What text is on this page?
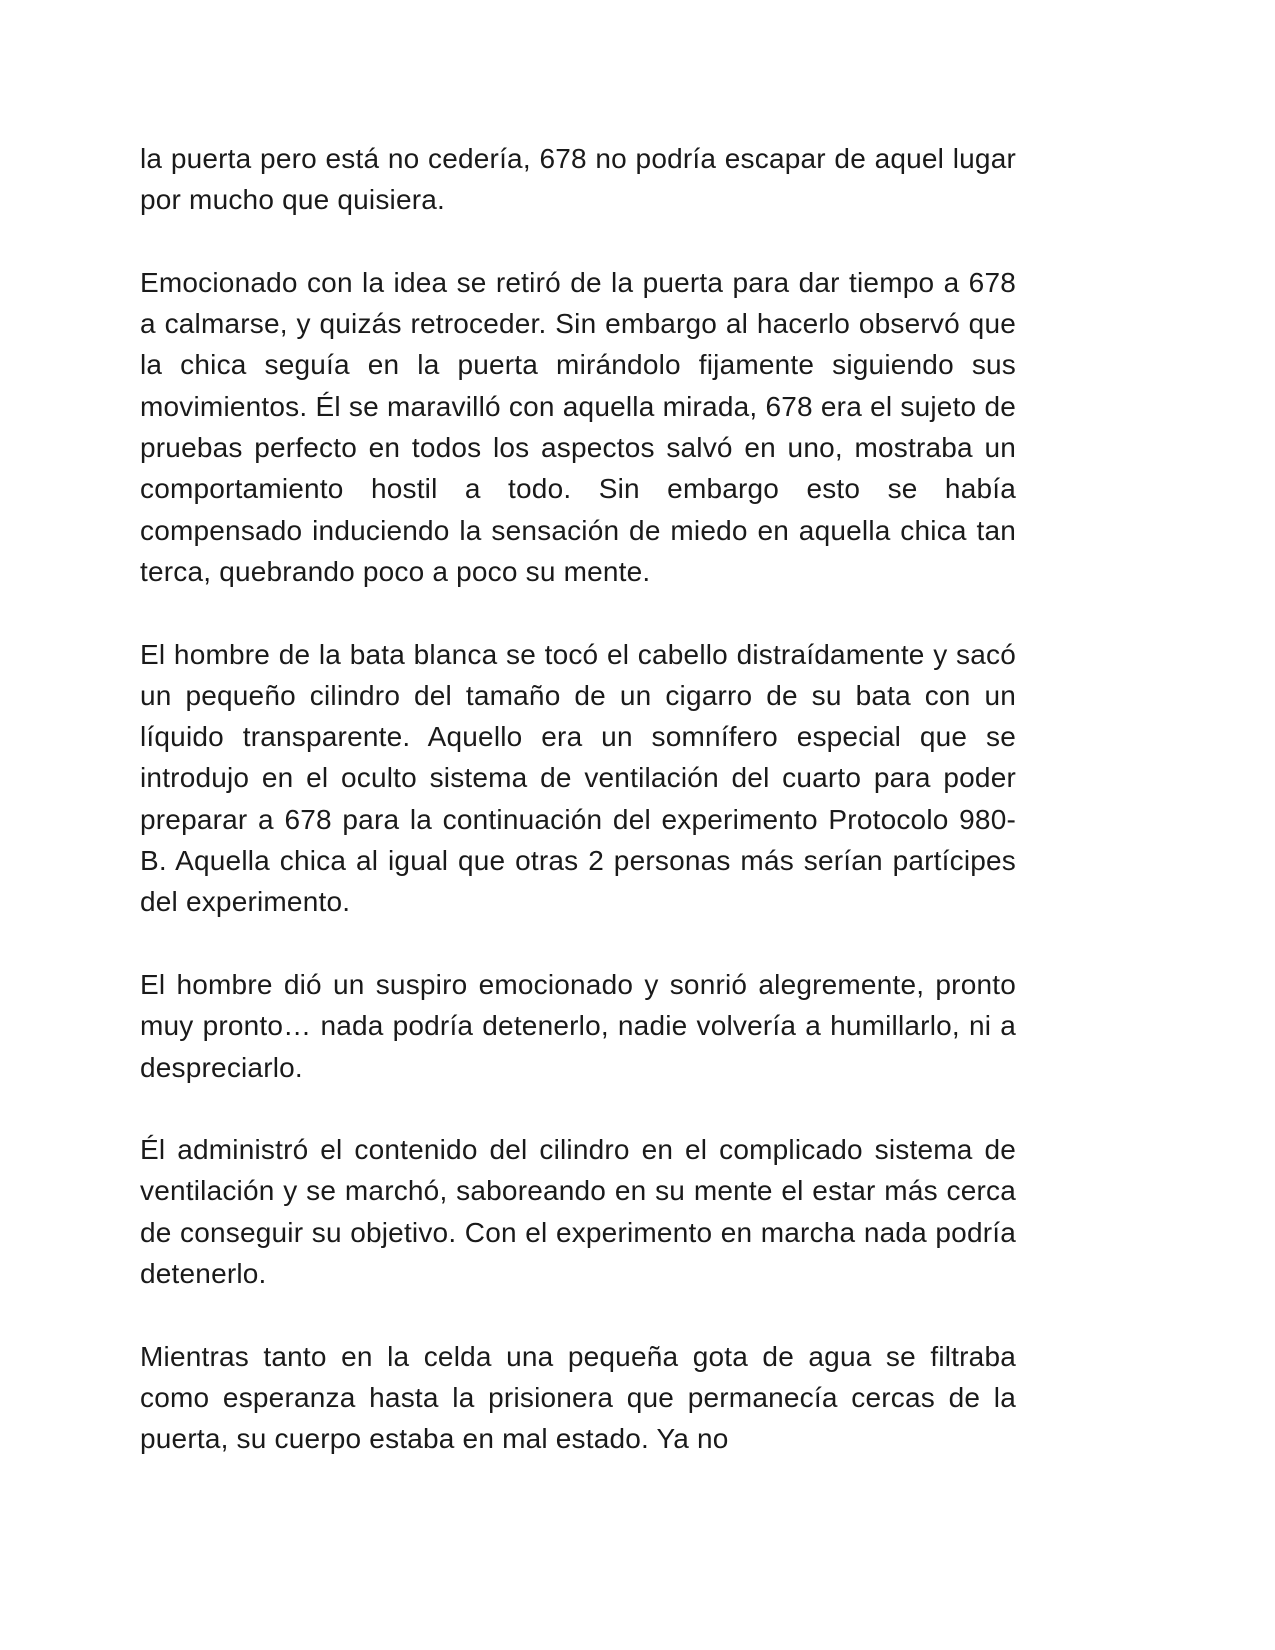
la puerta pero está no cedería, 678 no podría escapar de aquel lugar por mucho que quisiera.

Emocionado con la idea se retiró de la puerta para dar tiempo a 678 a calmarse, y quizás retroceder. Sin embargo al hacerlo observó que la chica seguía en la puerta mirándolo fijamente siguiendo sus movimientos. Él se maravilló con aquella mirada, 678 era el sujeto de pruebas perfecto en todos los aspectos salvó en uno, mostraba un comportamiento hostil a todo. Sin embargo esto se había compensado induciendo la sensación de miedo en aquella chica tan terca, quebrando poco a poco su mente.

El hombre de la bata blanca se tocó el cabello distraídamente y sacó un pequeño cilindro del tamaño de un cigarro de su bata con un líquido transparente. Aquello era un somnífero especial que se introdujo en el oculto sistema de ventilación del cuarto para poder preparar a 678 para la continuación del experimento Protocolo 980- B. Aquella chica al igual que otras 2 personas más serían partícipes del experimento.

El hombre dió un suspiro emocionado y sonrió alegremente, pronto muy pronto… nada podría detenerlo, nadie volvería a humillarlo, ni a despreciarlo.

Él administró el contenido del cilindro en el complicado sistema de ventilación y se marchó, saboreando en su mente el estar más cerca de conseguir su objetivo. Con el experimento en marcha nada podría detenerlo.

Mientras tanto en la celda una pequeña gota de agua se filtraba como esperanza hasta la prisionera que permanecía cercas de la puerta, su cuerpo estaba en mal estado. Ya no
